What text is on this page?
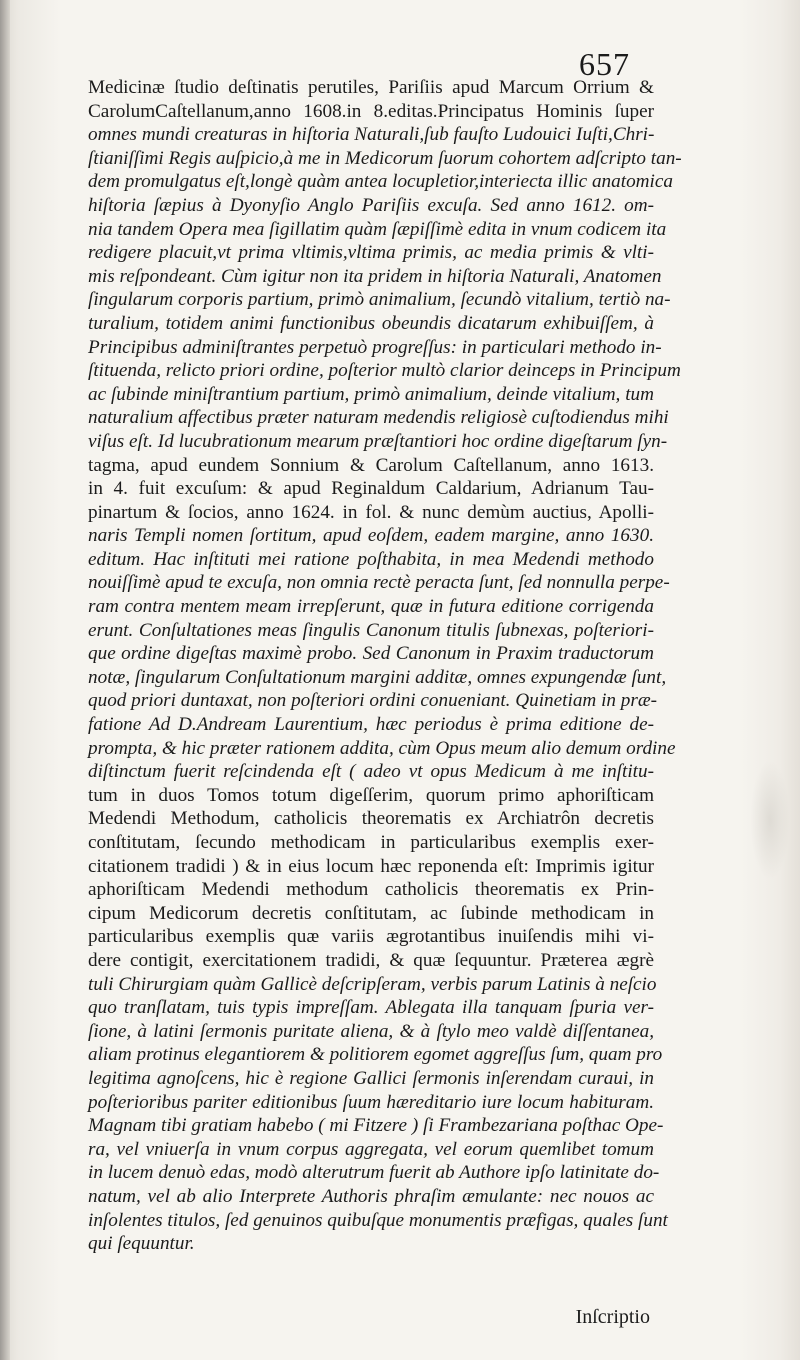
657
Medicinæ ſtudio deſtinatis perutiles, Pariſiis apud Marcum Orrium &
CarolumCaſtellanum,anno 1608.in 8.editas.Principatus Hominis ſuper
omnes mundi creaturas in hiſtoria Naturali,ſub fauſto Ludouici Iuſti,Chri-
ſtianiſſimi Regis auſpicio,à me in Medicorum ſuorum cohortem adſcripto tan-
dem promulgatus eſt,longè quàm antea locupletior,interiecta illic anatomica
hiſtoria ſæpius à Dyonyſio Anglo Pariſiis excuſa. Sed anno 1612. om-
nia tandem Opera mea ſigillatim quàm ſæpiſſimè edita in vnum codicem ita
redigere placuit,vt prima vltimis,vltima primis, ac media primis & vlti-
mis reſpondeant. Cùm igitur non ita pridem in hiſtoria Naturali, Anatomen
ſingularum corporis partium, primò animalium, ſecundò vitalium, tertiò na-
turalium, totidem animi functionibus obeundis dicatarum exhibuiſſem, à
Principibus adminiſtrantes perpetuò progreſſus: in particulari methodo in-
ſtituenda, relicto priori ordine, poſterior multò clarior deinceps in Principum
ac ſubinde miniſtrantium partium, primò animalium, deinde vitalium, tum
naturalium affectibus præter naturam medendis religiosè cuſtodiendus mihi
viſus eſt. Id lucubrationum mearum præſtantiori hoc ordine digeſtarum ſyn-
tagma, apud eundem Sonnium & Carolum Caſtellanum, anno 1613.
in 4. fuit excuſum: & apud Reginaldum Caldarium, Adrianum Tau-
pinartum & ſocios, anno 1624. in fol. & nunc demùm auctius, Apolli-
naris Templi nomen ſortitum, apud eoſdem, eadem margine, anno 1630.
editum. Hac inſtituti mei ratione poſthabita, in mea Medendi methodo
nouiſſimè apud te excuſa, non omnia rectè peracta ſunt, ſed nonnulla perpe-
ram contra mentem meam irrepſerunt, quæ in futura editione corrigenda
erunt. Conſultationes meas ſingulis Canonum titulis ſubnexas, poſteriori-
que ordine digeſtas maximè probo. Sed Canonum in Praxim traductorum
notæ, ſingularum Conſultationum margini additæ, omnes expungendæ ſunt,
quod priori duntaxat, non poſteriori ordini conueniant. Quinetiam in præ-
fatione Ad D.Andream Laurentium, hæc periodus è prima editione de-
prompta, & hic præter rationem addita, cùm Opus meum alio demum ordine
diſtinctum fuerit reſcindenda eſt ( adeo vt opus Medicum à me inſtitu-
tum in duos Tomos totum digeſſerim, quorum primo aphoriſticam
Medendi Methodum, catholicis theorematis ex Archiatrôn decretis
conſtitutam, ſecundo methodicam in particularibus exemplis exer-
citationem tradidi ) & in eius locum hæc reponenda eſt: Imprimis igitur
aphoriſticam Medendi methodum catholicis theorematis ex Prin-
cipum Medicorum decretis conſtitutam, ac ſubinde methodicam in
particularibus exemplis quæ variis ægrotantibus inuiſendis mihi vi-
dere contigit, exercitationem tradidi, & quæ ſequuntur. Præterea ægrè
tuli Chirurgiam quàm Gallicè deſcripſeram, verbis parum Latinis à neſcio
quo tranſlatam, tuis typis impreſſam. Ablegata illa tanquam ſpuria ver-
ſione, à latini ſermonis puritate aliena, & à ſtylo meo valdè diſſentanea,
aliam protinus elegantiorem & politiorem egomet aggreſſus ſum, quam pro
legitima agnoſcens, hic è regione Gallici ſermonis inſerendam curaui, in
poſterioribus pariter editionibus ſuum hæreditario iure locum habituram.
Magnam tibi gratiam habebo ( mi Fitzere ) ſi Frambezariana poſthac Ope-
ra, vel vniuerſa in vnum corpus aggregata, vel eorum quemlibet tomum
in lucem denuò edas, modò alterutrum fuerit ab Authore ipſo latinitate do-
natum, vel ab alio Interprete Authoris phraſim æmulante: nec nouos ac
inſolentes titulos, ſed genuinos quibuſque monumentis præfigas, quales ſunt
qui ſequuntur.
Inſcriptio
